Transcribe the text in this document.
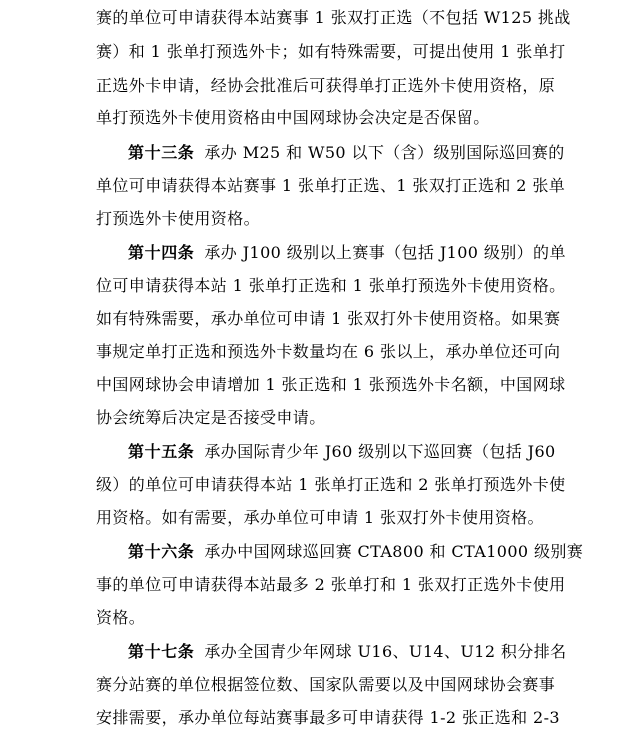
赛的单位可申请获得本站赛事 1 张双打正选（不包括 W125 挑战
赛）和 1 张单打预选外卡；如有特殊需要，可提出使用 1 张单打
正选外卡申请，经协会批准后可获得单打正选外卡使用资格，原
单打预选外卡使用资格由中国网球协会决定是否保留。
第十三条 承办 M25 和 W50 以下（含）级别国际巡回赛的
单位可申请获得本站赛事 1 张单打正选、1 张双打正选和 2 张单
打预选外卡使用资格。
第十四条 承办 J100 级别以上赛事（包括 J100 级别）的单
位可申请获得本站 1 张单打正选和 1 张单打预选外卡使用资格。
如有特殊需要，承办单位可申请 1 张双打外卡使用资格。如果赛
事规定单打正选和预选外卡数量均在 6 张以上，承办单位还可向
中国网球协会申请增加 1 张正选和 1 张预选外卡名额，中国网球
协会统筹后决定是否接受申请。
第十五条 承办国际青少年 J60 级别以下巡回赛（包括 J60
级）的单位可申请获得本站 1 张单打正选和 2 张单打预选外卡使
用资格。如有需要，承办单位可申请 1 张双打外卡使用资格。
第十六条 承办中国网球巡回赛 CTA800 和 CTA1000 级别赛
事的单位可申请获得本站最多 2 张单打和 1 张双打正选外卡使用
资格。
第十七条 承办全国青少年网球 U16、U14、U12 积分排名
赛分站赛的单位根据签位数、国家队需要以及中国网球协会赛事
安排需要，承办单位每站赛事最多可申请获得 1-2 张正选和 2-3
